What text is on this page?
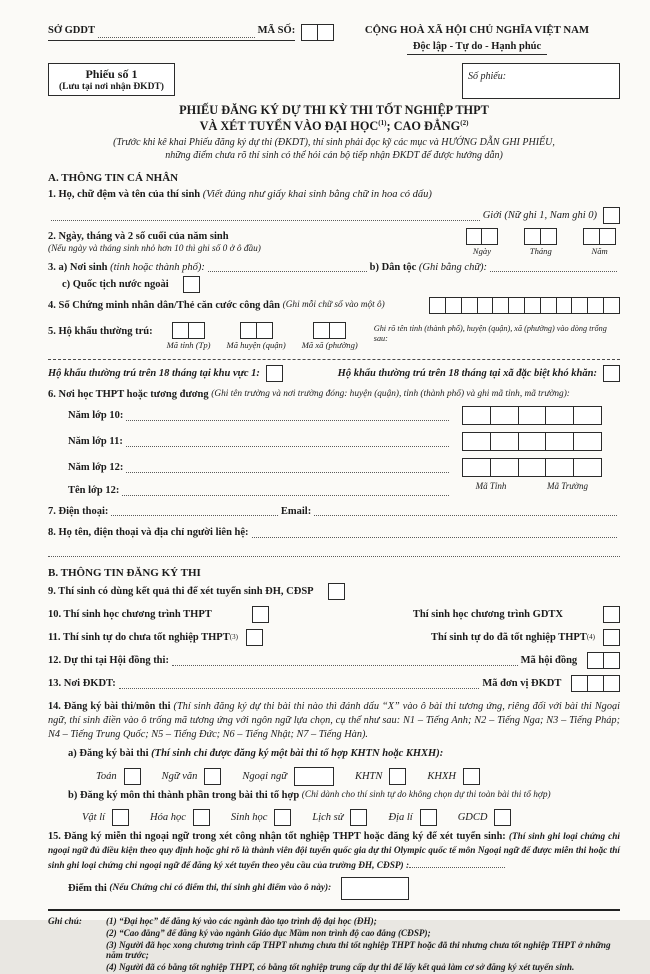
SỞ GDDT	MÃ SỐ:	CỘNG HOÀ XÃ HỘI CHỦ NGHĨA VIỆT NAM
Độc lập - Tự do - Hạnh phúc
Phiếu số 1
(Lưu tại nơi nhận ĐKDT)
Số phiếu:
PHIẾU ĐĂNG KÝ DỰ THI KỲ THI TỐT NGHIỆP THPT
VÀ XÉT TUYỂN VÀO ĐẠI HỌC$^{(1)}$; CAO ĐẲNG$^{(2)}$
(Trước khi kê khai Phiếu đăng ký dự thi (ĐKDT), thí sinh phải đọc kỹ các mục và HƯỚNG DẪN GHI PHIẾU,
những điểm chưa rõ thí sinh có thể hỏi cán bộ tiếp nhận ĐKDT để được hướng dẫn)
A. THÔNG TIN CÁ NHÂN
1. Họ, chữ đệm và tên của thí sinh
(Viết đúng như giấy khai sinh bằng chữ in hoa có dấu)
Giới (Nữ ghi 1, Nam ghi 0)
2. Ngày, tháng và 2 số cuối của năm sinh
(Nếu ngày và tháng sinh nhỏ hơn 10 thì ghi số 0 ở ô đầu)	Ngày	Tháng	Năm
3. a) Nơi sinh
(tỉnh hoặc thành phố):	b) Dân tộc
(Ghi bằng chữ):
c) Quốc tịch nước ngoài
4. Số Chứng minh nhân dân/Thẻ căn cước công dân
(Ghi mỗi chữ số vào một ô)
5. Hộ khẩu thường trú:
Mã tỉnh (Tp) Mã huyện (quận) Mã xã (phường)
Ghi rõ tên tỉnh (thành phố), huyện (quận), xã (phường) vào dòng trống sau:
Hộ khẩu thường trú trên 18 tháng tại khu vực 1:	Hộ khẩu thường trú trên 18 tháng tại xã đặc biệt khó khăn:
6. Nơi học THPT hoặc tương đương
(Ghi tên trường và nơi trường đóng: huyện (quận), tỉnh (thành phố) và ghi mã tỉnh, mã trường):
Năm lớp 10:
Năm lớp 11:
Năm lớp 12:
Tên lớp 12:	Mã Tỉnh	Mã Trường
7. Điện thoại:	Email:
8. Họ tên, điện thoại và địa chỉ người liên hệ:
B. THÔNG TIN ĐĂNG KÝ THI
9. Thí sinh có dùng kết quả thi để xét tuyển sinh ĐH, CĐSP
10. Thí sinh học chương trình THPT	Thí sinh học chương trình GDTX
11. Thí sinh tự do chưa tốt nghiệp THPT (3)	Thí sinh tự do đã tốt nghiệp THPT (4)
12. Dự thi tại Hội đồng thi:	Mã hội đồng
13. Nơi ĐKDT:	Mã đơn vị ĐKDT
14. Đăng ký bài thi/môn thi (Thí sinh đăng ký dự thi bài thi nào thì đánh dấu “X” vào ô bài thi tương ứng, riêng đối với bài thi Ngoại ngữ, thí sinh điền vào ô trống mã tương ứng với ngôn ngữ lựa chọn, cụ thể như sau: N1 – Tiếng Anh; N2 – Tiếng Nga; N3 – Tiếng Pháp; N4 – Tiếng Trung Quốc; N5 – Tiếng Đức; N6 – Tiếng Nhật; N7 – Tiếng Hàn).
a) Đăng ký bài thi
(Thí sinh chỉ được đăng ký một bài thi tổ hợp KHTN hoặc KHXH):
Toán	Ngữ văn	Ngoại ngữ	KHTN	KHXH
b) Đăng ký môn thi thành phần trong bài thi tổ hợp
(Chỉ dành cho thí sinh tự do không chọn dự thi toàn bài thi tổ hợp)
Vật lí	Hóa học	Sinh học	Lịch sử	Địa lí	GDCD
15. Đăng ký miễn thi ngoại ngữ trong xét công nhận tốt nghiệp THPT hoặc đăng ký để xét tuyển sinh: (Thí sinh ghi loại chứng chỉ ngoại ngữ đủ điều kiện theo quy định hoặc ghi rõ là thành viên đội tuyển quốc gia dự thi Olympic quốc tế môn Ngoại ngữ để được miễn thi hoặc thí sinh ghi loại chứng chỉ ngoại ngữ để đăng ký xét tuyển theo yêu cầu của trường ĐH, CĐSP) :
Điểm thi
(Nếu Chứng chỉ có điểm thi, thí sinh ghi điểm vào ô này):
Ghi chú:	(1) “Đại học” để đăng ký vào các ngành đào tạo trình độ đại học (ĐH);
(2) “Cao đẳng” để đăng ký vào ngành Giáo dục Mầm non trình độ cao đẳng (CĐSP);
(3) Người đã học xong chương trình cấp THPT nhưng chưa thi tốt nghiệp THPT hoặc đã thi nhưng chưa tốt nghiệp THPT ở những năm trước;
(4) Người đã có bằng tốt nghiệp THPT, có bằng tốt nghiệp trung cấp dự thi để lấy kết quả làm cơ sở đăng ký xét tuyển sinh.
